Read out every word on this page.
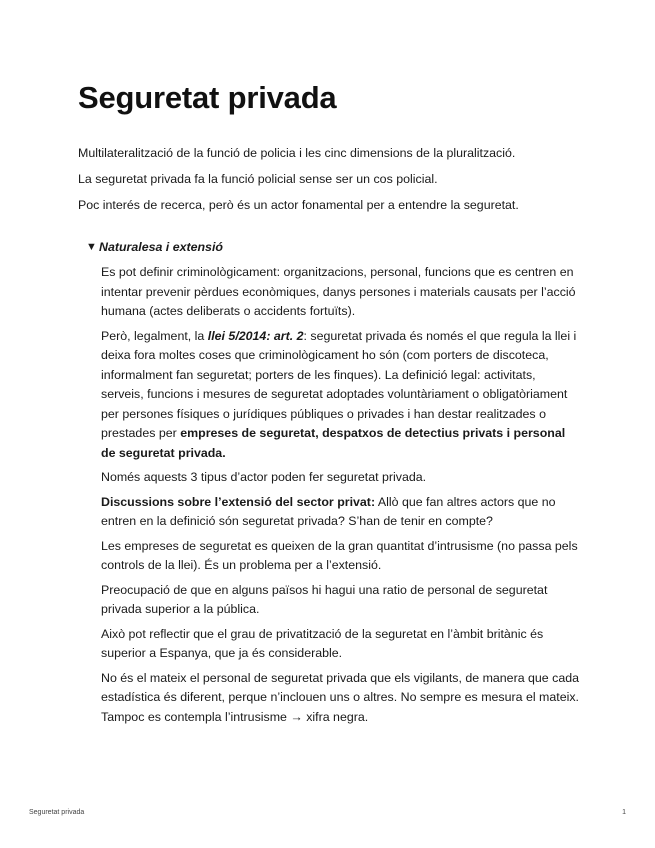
Seguretat privada

Multilateralització de la funció de policia i les cinc dimensions de la pluralització.

La seguretat privada fa la funció policial sense ser un cos policial.

Poc interés de recerca, però és un actor fonamental per a entendre la seguretat.

▼ Naturalesa i extensió

Es pot definir criminològicament: organitzacions, personal, funcions que es centren en intentar prevenir pèrdues econòmiques, danys persones i materials causats per l’acció humana (actes deliberats o accidents fortuïts).

Però, legalment, la llei 5/2014: art. 2: seguretat privada és només el que regula la llei i deixa fora moltes coses que criminològicament ho són (com porters de discoteca, informalment fan seguretat; porters de les finques). La definició legal: activitats, serveis, funcions i mesures de seguretat adoptades voluntàriament o obligatòriament per persones físiques o jurídiques públiques o privades i han destar realitzades o prestades per empreses de seguretat, despatxos de detectius privats i personal de seguretat privada.

Només aquests 3 tipus d’actor poden fer seguretat privada.

Discussions sobre l’extensió del sector privat: Allò que fan altres actors que no entren en la definició són seguretat privada? S’han de tenir en compte?

Les empreses de seguretat es queixen de la gran quantitat d’intrusisme (no passa pels controls de la llei). És un problema per a l’extensió.

Preocupació de que en alguns països hi hagui una ratio de personal de seguretat privada superior a la pública.

Això pot reflectir que el grau de privatització de la seguretat en l’àmbit britànic és superior a Espanya, que ja és considerable.

No és el mateix el personal de seguretat privada que els vigilants, de manera que cada estadística és diferent, perque n’inclouen uns o altres. No sempre es mesura el mateix. Tampoc es contempla l’intrusisme → xifra negra.

Seguretat privada	1
